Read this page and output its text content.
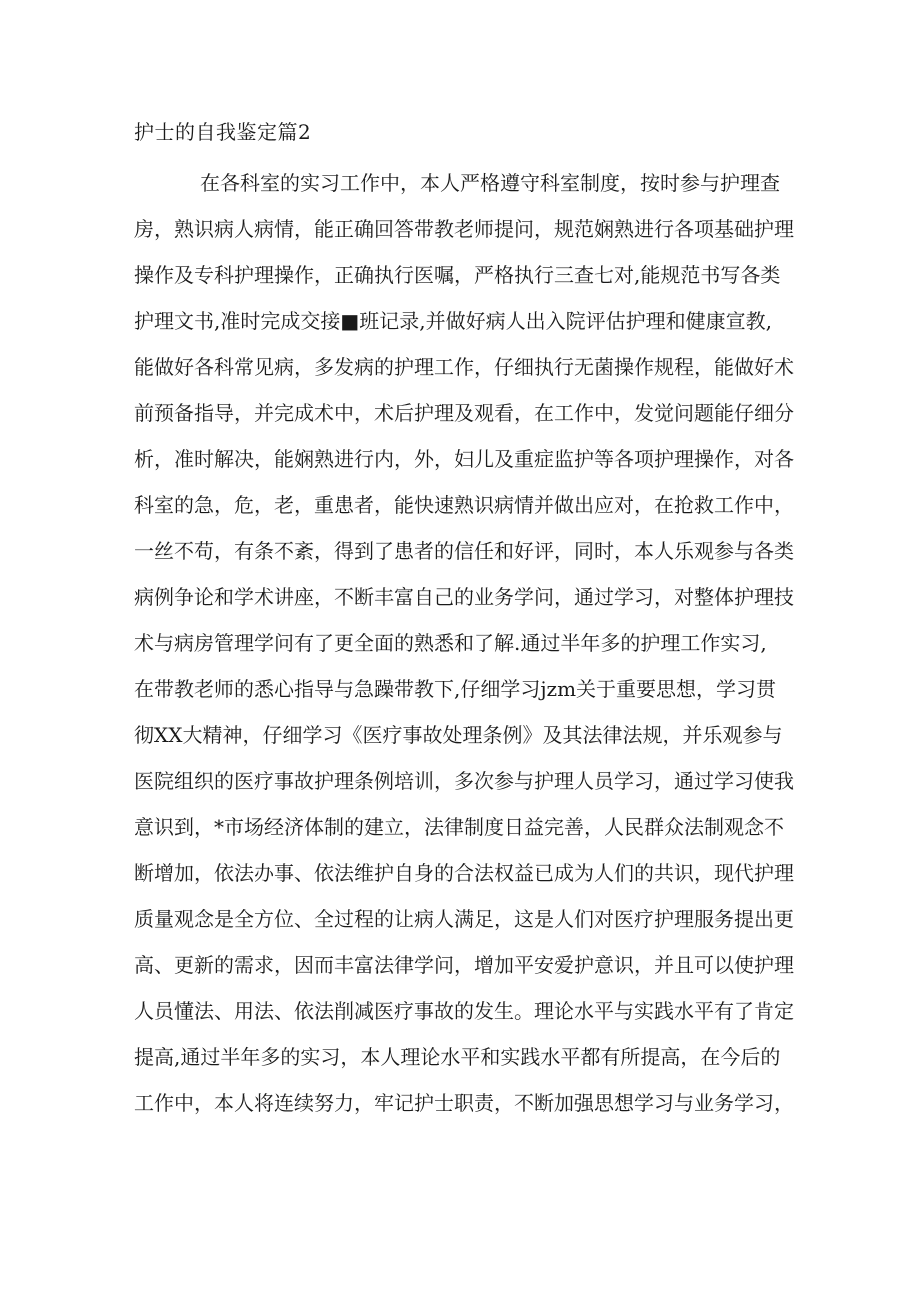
护士的自我鉴定篇2
在各科室的实习工作中，本人严格遵守科室制度，按时参与护理查
房，熟识病人病情，能正确回答带教老师提问，规范娴熟进行各项基础护理
操作及专科护理操作，正确执行医嘱，严格执行三查七对,能规范书写各类
护理文书,准时完成交接■班记录,并做好病人出入院评估护理和健康宣教,
能做好各科常见病，多发病的护理工作，仔细执行无菌操作规程，能做好术
前预备指导，并完成术中，术后护理及观看，在工作中，发觉问题能仔细分
析，准时解决，能娴熟进行内，外，妇儿及重症监护等各项护理操作，对各
科室的急，危，老，重患者，能快速熟识病情并做出应对，在抢救工作中，
一丝不苟，有条不紊，得到了患者的信任和好评，同时，本人乐观参与各类
病例争论和学术讲座，不断丰富自己的业务学问，通过学习，对整体护理技
术与病房管理学问有了更全面的熟悉和了解.通过半年多的护理工作实习,
在带教老师的悉心指导与急躁带教下,仔细学习jzm关于重要思想，学习贯
彻XX大精神，仔细学习《医疗事故处理条例》及其法律法规，并乐观参与
医院组织的医疗事故护理条例培训，多次参与护理人员学习，通过学习使我
意识到，*市场经济体制的建立，法律制度日益完善，人民群众法制观念不
断增加，依法办事、依法维护自身的合法权益已成为人们的共识，现代护理
质量观念是全方位、全过程的让病人满足，这是人们对医疗护理服务提出更
高、更新的需求，因而丰富法律学问，增加平安爱护意识，并且可以使护理
人员懂法、用法、依法削减医疗事故的发生。理论水平与实践水平有了肯定
提高,通过半年多的实习，本人理论水平和实践水平都有所提高，在今后的
工作中，本人将连续努力，牢记护士职责，不断加强思想学习与业务学习，
